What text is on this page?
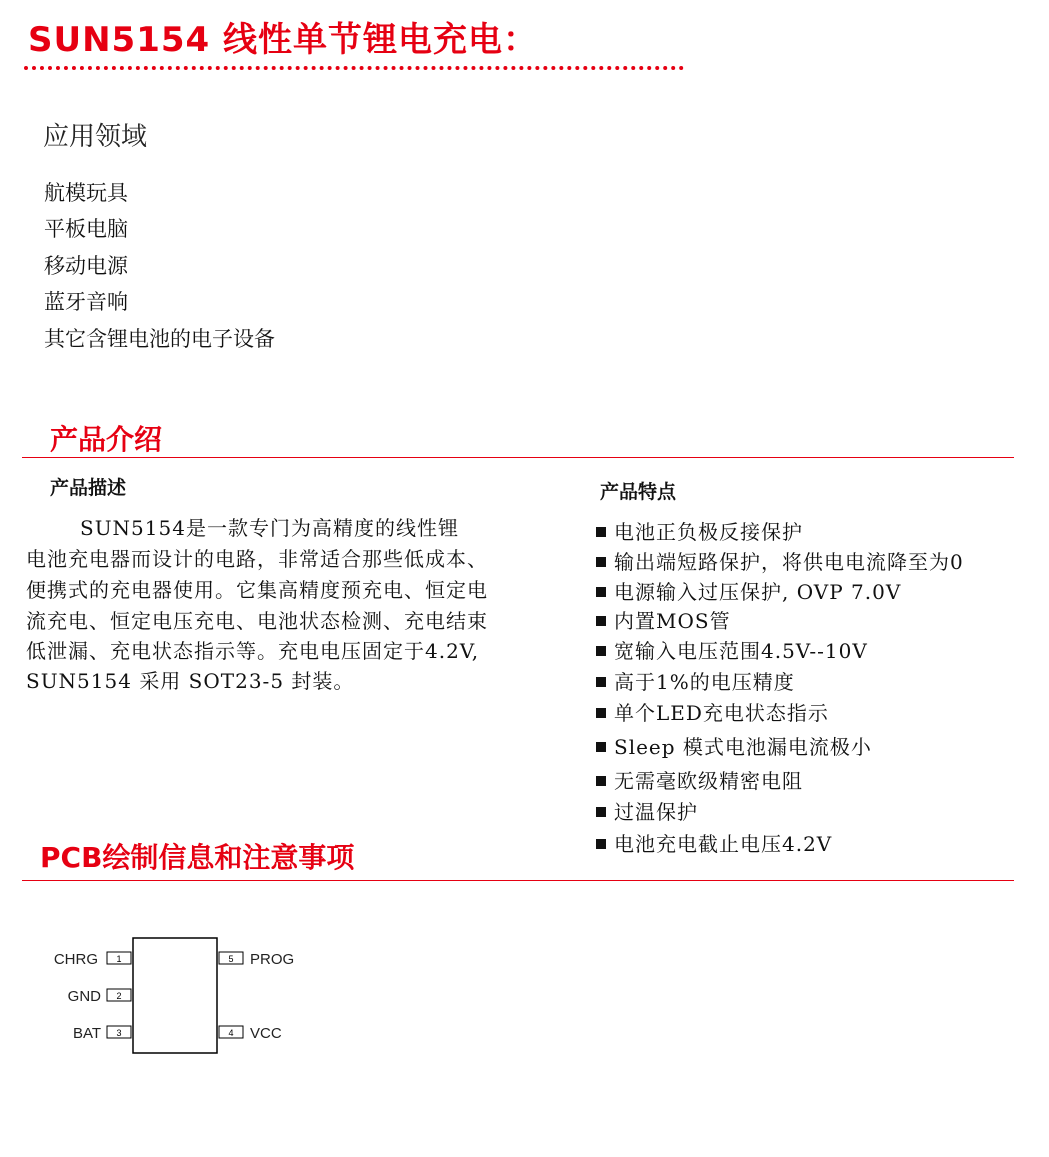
SUN5154 线性单节锂电充电：
应用领域
航模玩具
平板电脑
移动电源
蓝牙音响
其它含锂电池的电子设备
产品介绍
产品描述	产品特点
SUN5154是一款专门为高精度的线性锂
电池充电器而设计的电路，非常适合那些低成本、
便携式的充电器使用。它集高精度预充电、恒定电
流充电、恒定电压充电、电池状态检测、充电结束
低泄漏、充电状态指示等。充电电压固定于4.2V,
SUN5154 采用 SOT23-5 封装。
电池正负极反接保护
输出端短路保护，将供电电流降至为0
电源输入过压保护, OVP 7.0V
内置MOS管
宽输入电压范围4.5V--10V
高于1%的电压精度
单个LED充电状态指示
Sleep 模式电池漏电流极小
无需毫欧级精密电阻
过温保护
电池充电截止电压4.2V
PCB绘制信息和注意事项
1
CHRG
2
GND
3
BAT	4 VCC
5 PROG
